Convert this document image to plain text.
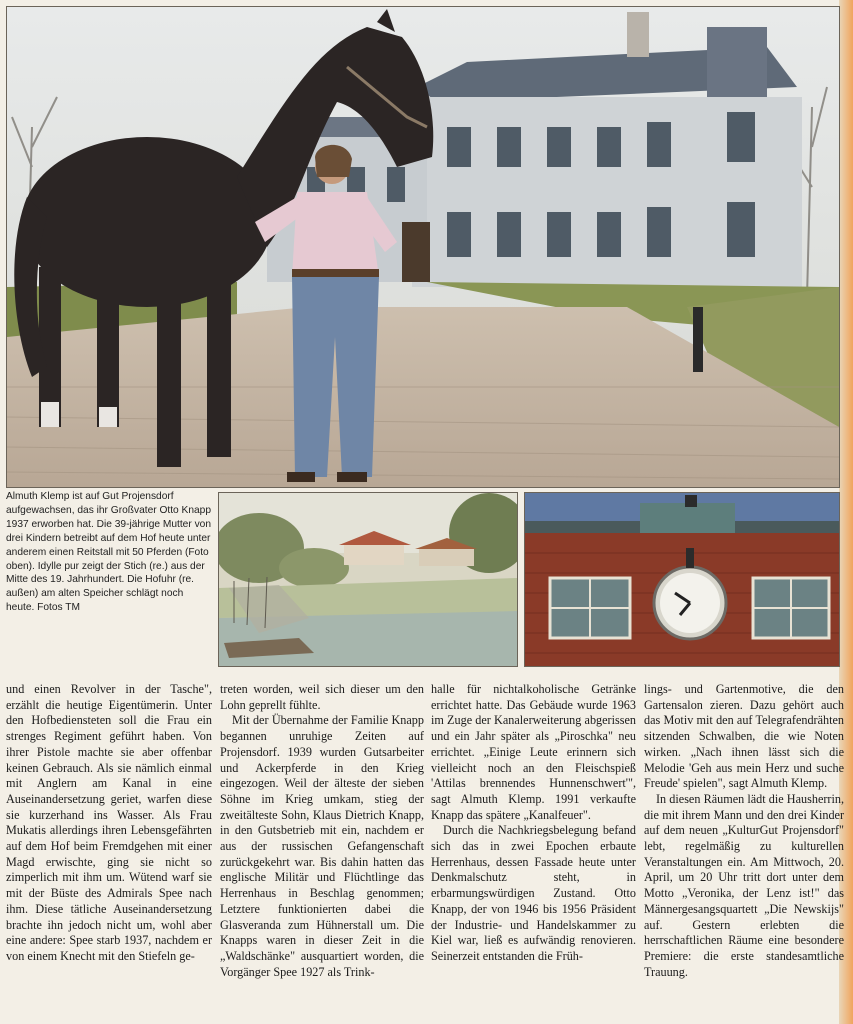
Almuth Klemp ist auf Gut Projensdorf aufgewachsen, das ihr Großvater Otto Knapp 1937 erworben hat. Die 39-jährige Mutter von drei Kindern betreibt auf dem Hof heute unter anderem einen Reitstall mit 50 Pferden (Foto oben). Idylle pur zeigt der Stich (re.) aus der Mitte des 19. Jahrhundert. Die Hofuhr (re. außen) am alten Speicher schlägt noch heute. Fotos TM

und einen Revolver in der Tasche", erzählt die heutige Eigentümerin. Unter den Hofbediensteten soll die Frau ein strenges Regiment geführt haben. Von ihrer Pistole machte sie aber offenbar keinen Gebrauch. Als sie nämlich einmal mit Anglern am Kanal in eine Auseinandersetzung geriet, warfen diese sie kurzerhand ins Wasser. Als Frau Mukatis allerdings ihren Lebensgefährten auf dem Hof beim Fremdgehen mit einer Magd erwischte, ging sie nicht so zimperlich mit ihm um. Wütend warf sie mit der Büste des Admirals Spee nach ihm. Diese tätliche Auseinandersetzung brachte ihn jedoch nicht um, wohl aber eine andere: Spee starb 1937, nachdem er von einem Knecht mit den Stiefeln ge-

treten worden, weil sich dieser um den Lohn geprellt fühlte.

Mit der Übernahme der Familie Knapp begannen unruhige Zeiten auf Projensdorf. 1939 wurden Gutsarbeiter und Ackerpferde in den Krieg eingezogen. Weil der älteste der sieben Söhne im Krieg umkam, stieg der zweitälteste Sohn, Klaus Dietrich Knapp, in den Gutsbetrieb mit ein, nachdem er aus der russischen Gefangenschaft zurückgekehrt war. Bis dahin hatten das englische Militär und Flüchtlinge das Herrenhaus in Beschlag genommen; Letztere funktionierten dabei die Glasveranda zum Hühnerstall um. Die Knapps waren in dieser Zeit in die „Waldschänke" ausquartiert worden, die Vorgänger Spee 1927 als Trink-

halle für nichtalkoholische Getränke errichtet hatte. Das Gebäude wurde 1963 im Zuge der Kanalerweiterung abgerissen und ein Jahr später als „Piroschka" neu errichtet. „Einige Leute erinnern sich vielleicht noch an den Fleischspieß 'Attilas brennendes Hunnenschwert'", sagt Almuth Klemp. 1991 verkaufte Knapp das spätere „Kanalfeuer".

Durch die Nachkriegsbelegung befand sich das in zwei Epochen erbaute Herrenhaus, dessen Fassade heute unter Denkmalschutz steht, in erbarmungswürdigen Zustand. Otto Knapp, der von 1946 bis 1956 Präsident der Industrie- und Handelskammer zu Kiel war, ließ es aufwändig renovieren. Seinerzeit entstanden die Früh-

lings- und Gartenmotive, die den Gartensalon zieren. Dazu gehört auch das Motiv mit den auf Telegrafendrähten sitzenden Schwalben, die wie Noten wirken. „Nach ihnen lässt sich die Melodie 'Geh aus mein Herz und suche Freude' spielen", sagt Almuth Klemp.

In diesen Räumen lädt die Hausherrin, die mit ihrem Mann und den drei Kinder auf dem neuen „KulturGut Projensdorf" lebt, regelmäßig zu kulturellen Veranstaltungen ein. Am Mittwoch, 20. April, um 20 Uhr tritt dort unter dem Motto „Veronika, der Lenz ist!" das Männergesangsquartett „Die Newskijs" auf. Gestern erlebten die herrschaftlichen Räume eine besondere Premiere: die erste standesamtliche Trauung.
